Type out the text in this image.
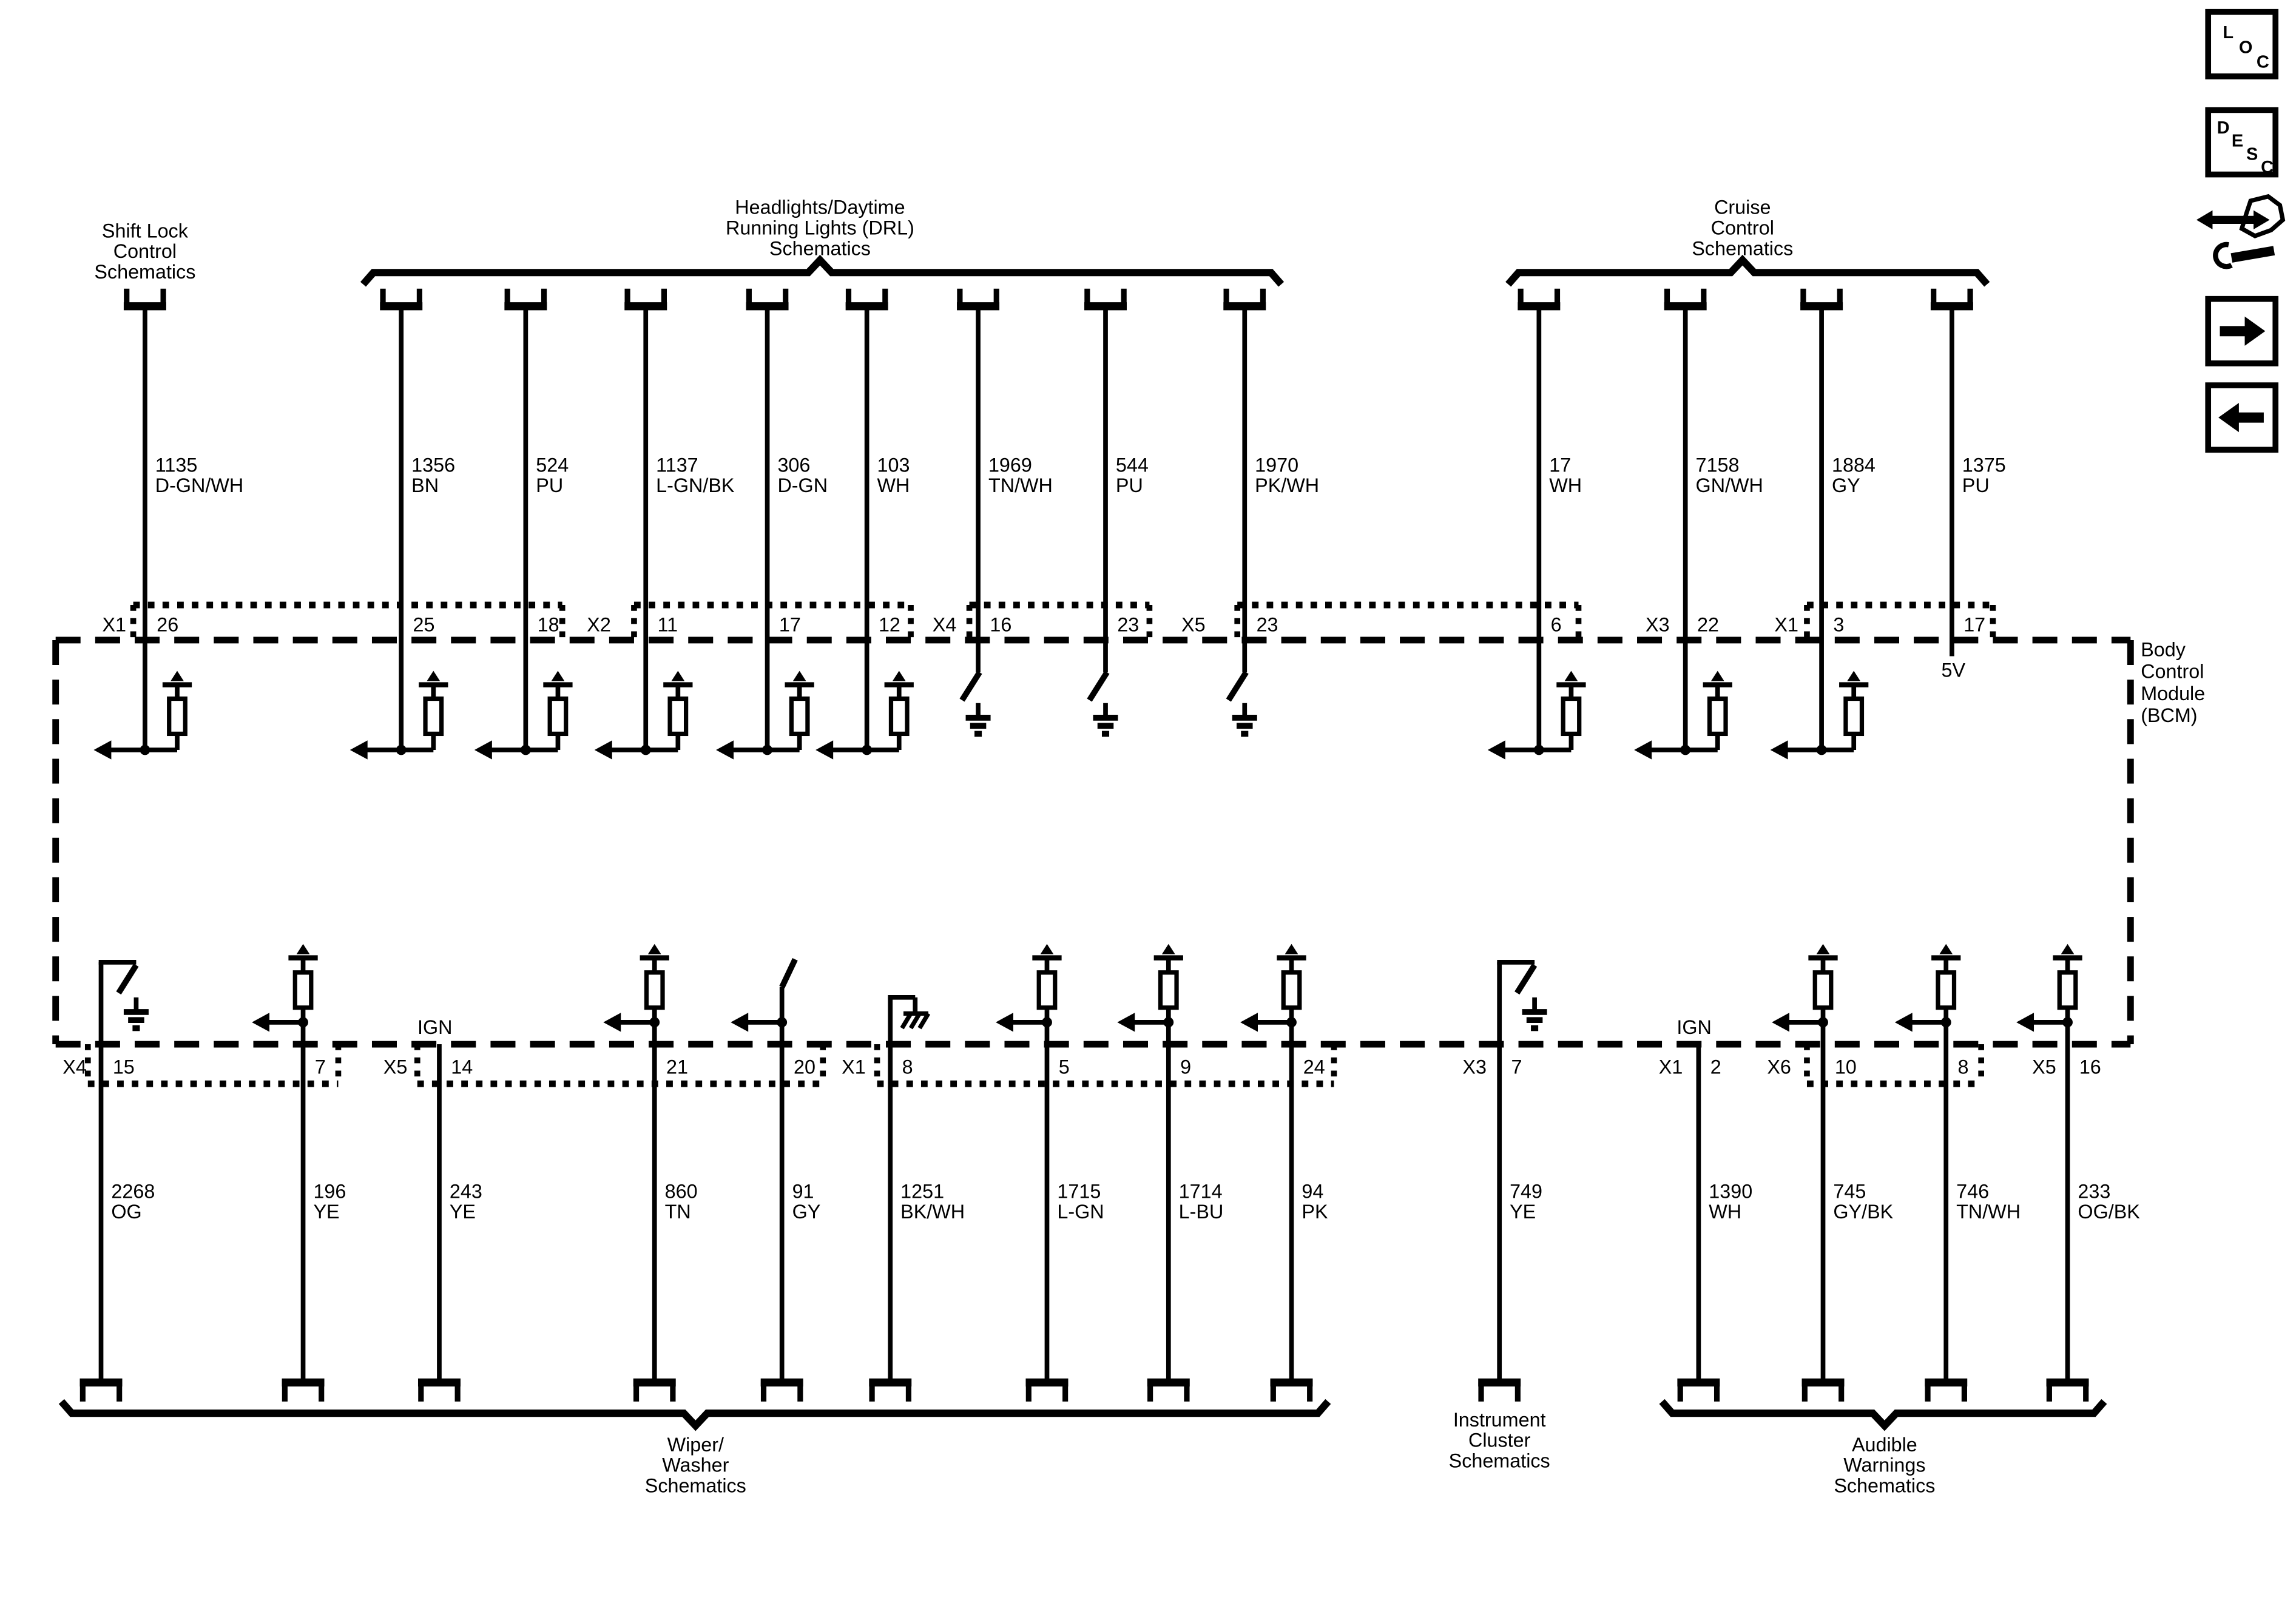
L
O
C
D
E
S
C
Body
Control
Module
(BCM)
Shift Lock
Control
Schematics
Headlights/Daytime
Running Lights (DRL)
Schematics
Cruise
Control
Schematics
Wiper/
Washer
Schematics
Instrument
Cluster
Schematics
Audible
Warnings
Schematics
X1	X2	X4	X5	X3	X1
X4	X5	X1	X3	X1	X6	X5
1135
D-GN/WH
26
1356
BN
25
524
PU
18
1137
L-GN/BK
11
306
D-GN
17
103
WH
12
1969
TN/WH
16
544
PU
23
1970
PK/WH
23
17
WH
6
7158
GN/WH
22
1884
GY
3
1375
PU
17
5V
2268
OG
15
196
YE
7
243
YE
14
IGN
860
TN
21
91
GY
20
1251
BK/WH
8
1715
L-GN
5
1714
L-BU
9
94
PK
24
749
YE
7
1390
WH
2
IGN
745
GY/BK
10
746
TN/WH
8
233
OG/BK
16
